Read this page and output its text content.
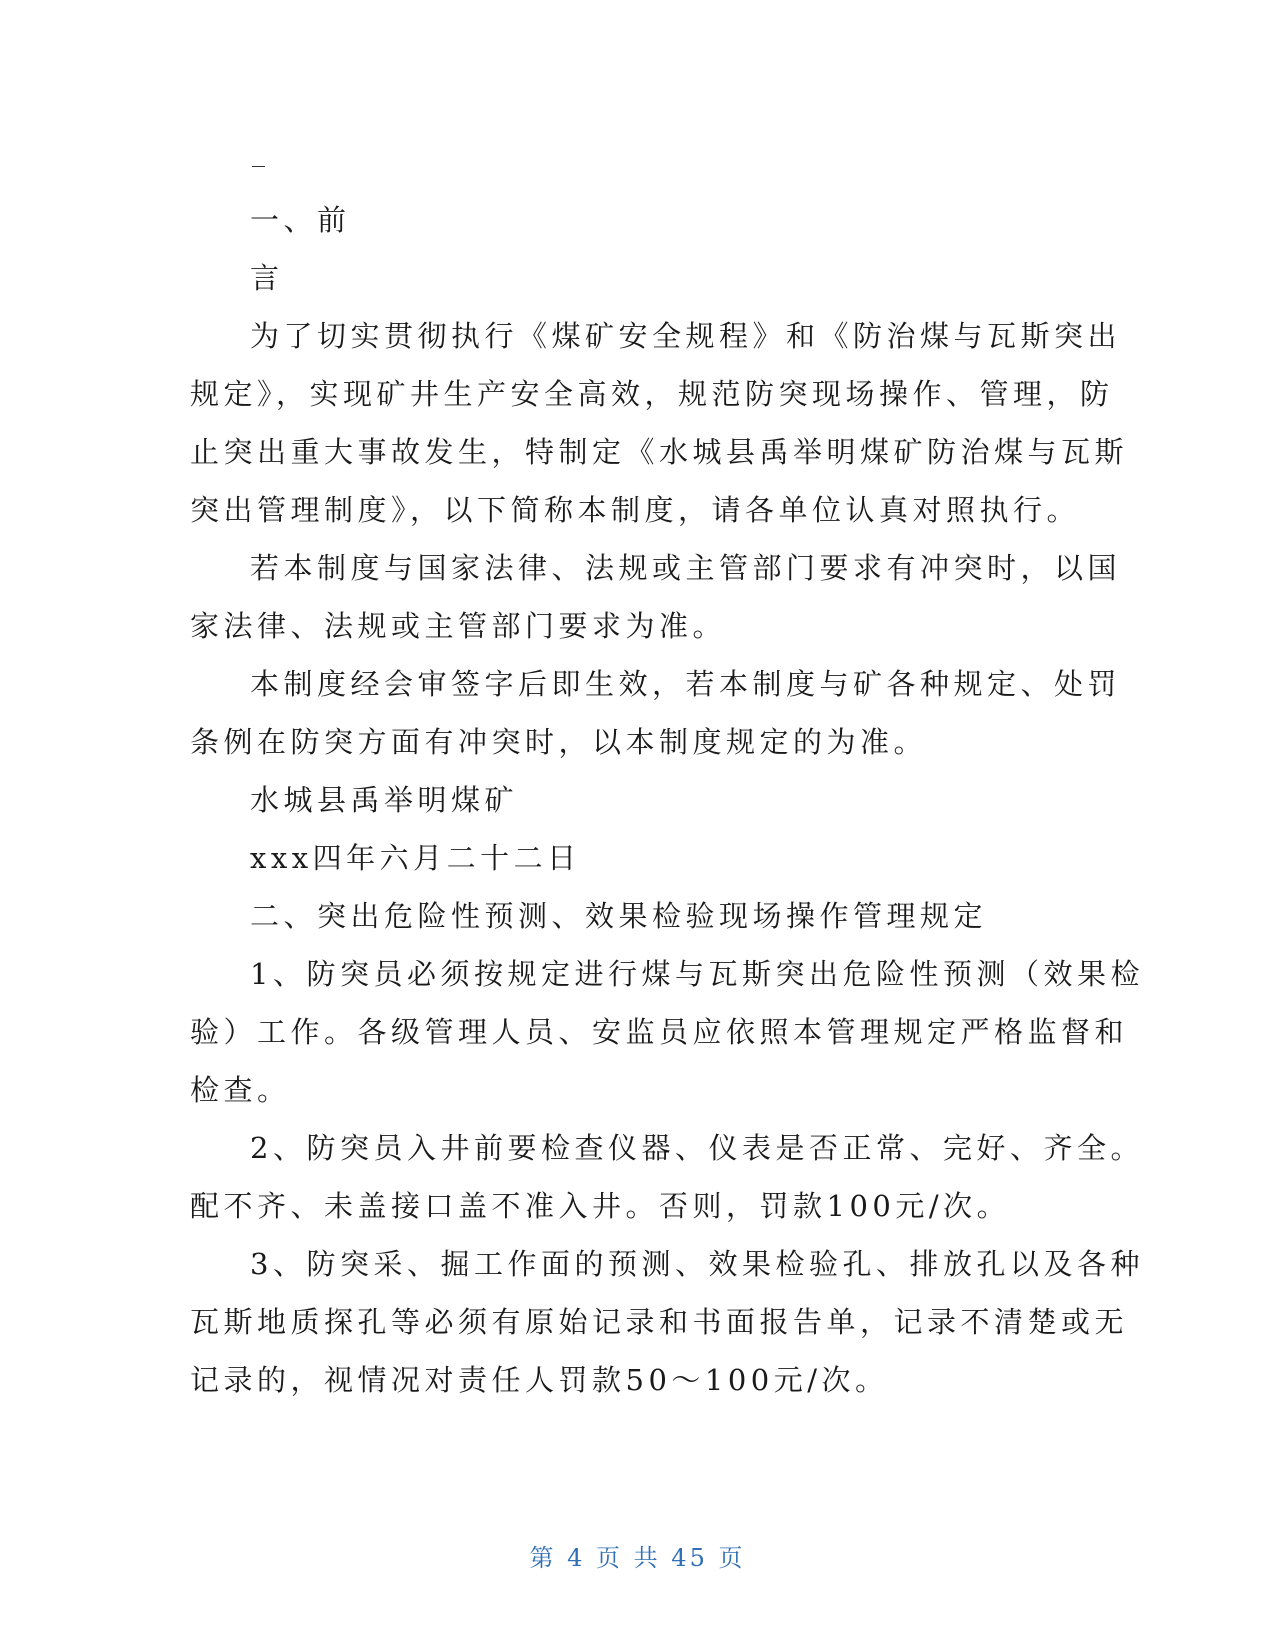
一、前
言
为了切实贯彻执行《煤矿安全规程》和《防治煤与瓦斯突出
规定》，实现矿井生产安全高效，规范防突现场操作、管理，防
止突出重大事故发生，特制定《水城县禹举明煤矿防治煤与瓦斯
突出管理制度》，以下简称本制度，请各单位认真对照执行。
若本制度与国家法律、法规或主管部门要求有冲突时，以国
家法律、法规或主管部门要求为准。
本制度经会审签字后即生效，若本制度与矿各种规定、处罚
条例在防突方面有冲突时，以本制度规定的为准。
水城县禹举明煤矿
xxx四年六月二十二日
二、突出危险性预测、效果检验现场操作管理规定
1、防突员必须按规定进行煤与瓦斯突出危险性预测（效果检
验）工作。各级管理人员、安监员应依照本管理规定严格监督和
检查。
2、防突员入井前要检查仪器、仪表是否正常、完好、齐全。
配不齐、未盖接口盖不准入井。否则，罚款100元/次。
3、防突采、掘工作面的预测、效果检验孔、排放孔以及各种
瓦斯地质探孔等必须有原始记录和书面报告单，记录不清楚或无
记录的，视情况对责任人罚款50～100元/次。
第 4 页 共 45 页
